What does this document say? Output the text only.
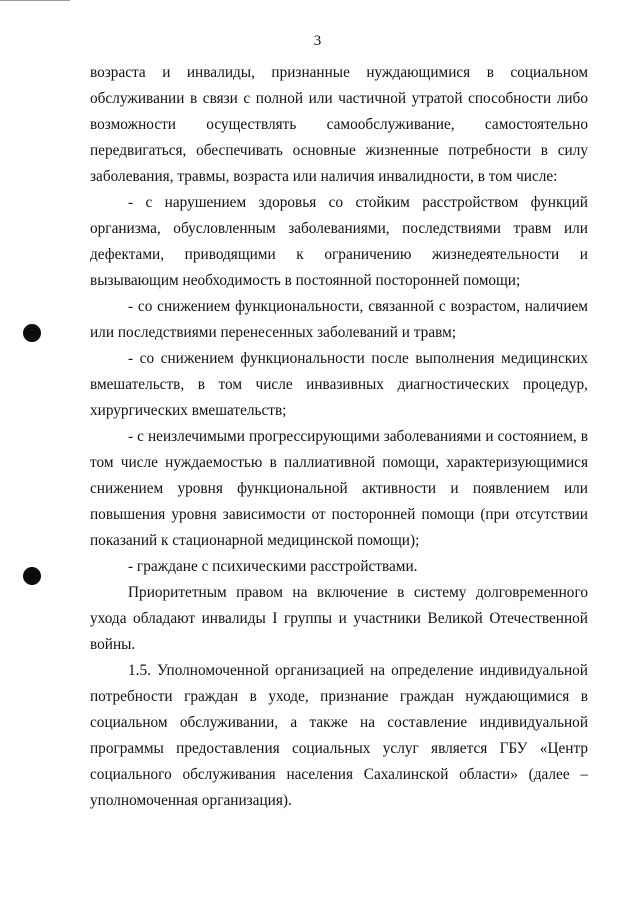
3

возраста и инвалиды, признанные нуждающимися в социальном обслуживании в связи с полной или частичной утратой способности либо возможности осуществлять самообслуживание, самостоятельно передвигаться, обеспечивать основные жизненные потребности в силу заболевания, травмы, возраста или наличия инвалидности, в том числе:

- с нарушением здоровья со стойким расстройством функций организма, обусловленным заболеваниями, последствиями травм или дефектами, приводящими к ограничению жизнедеятельности и вызывающим необходимость в постоянной посторонней помощи;

- со снижением функциональности, связанной с возрастом, наличием или последствиями перенесенных заболеваний и травм;

- со снижением функциональности после выполнения медицинских вмешательств, в том числе инвазивных диагностических процедур, хирургических вмешательств;

- с неизлечимыми прогрессирующими заболеваниями и состоянием, в том числе нуждаемостью в паллиативной помощи, характеризующимися снижением уровня функциональной активности и появлением или повышения уровня зависимости от посторонней помощи (при отсутствии показаний к стационарной медицинской помощи);

- граждане с психическими расстройствами.

Приоритетным правом на включение в систему долговременного ухода обладают инвалиды I группы и участники Великой Отечественной войны.

1.5. Уполномоченной организацией на определение индивидуальной потребности граждан в уходе, признание граждан нуждающимися в социальном обслуживании, а также на составление индивидуальной программы предоставления социальных услуг является ГБУ «Центр социального обслуживания населения Сахалинской области» (далее – уполномоченная организация).
